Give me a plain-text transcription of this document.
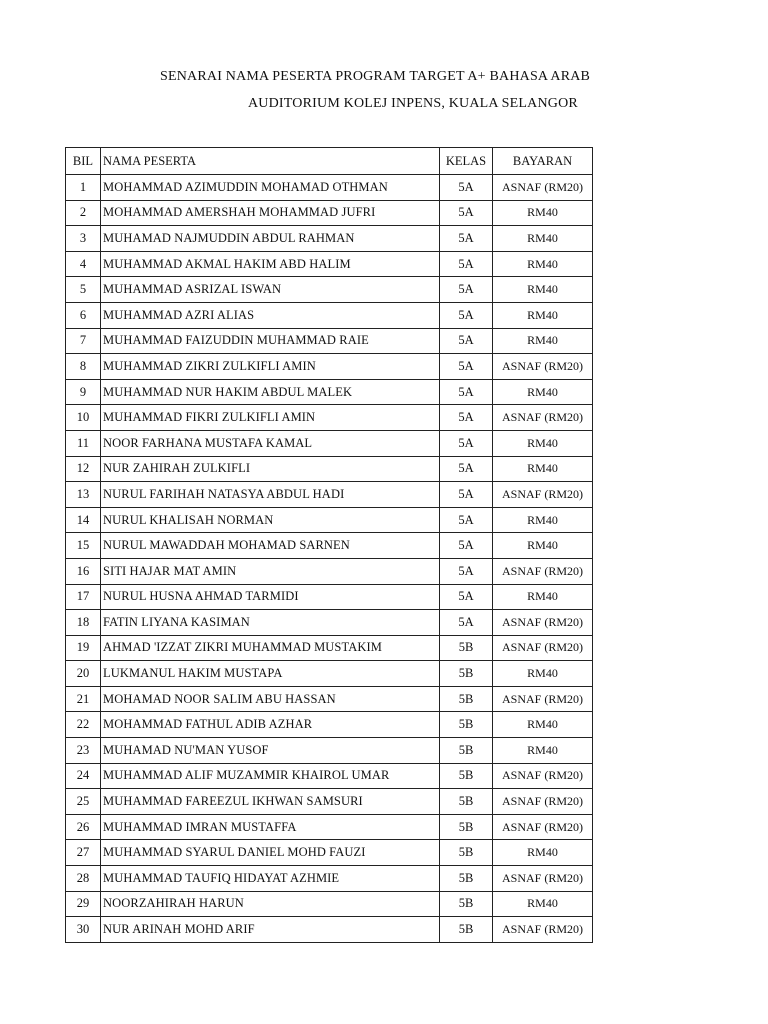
SENARAI NAMA PESERTA PROGRAM TARGET A+ BAHASA ARAB
AUDITORIUM KOLEJ INPENS, KUALA SELANGOR
BIL	NAMA PESERTA	KELAS	BAYARAN
1	MOHAMMAD AZIMUDDIN MOHAMAD OTHMAN	5A	ASNAF (RM20)
2	MOHAMMAD AMERSHAH MOHAMMAD JUFRI	5A	RM40
3	MUHAMAD NAJMUDDIN ABDUL RAHMAN	5A	RM40
4	MUHAMMAD AKMAL HAKIM ABD HALIM	5A	RM40
5	MUHAMMAD ASRIZAL ISWAN	5A	RM40
6	MUHAMMAD AZRI ALIAS	5A	RM40
7	MUHAMMAD FAIZUDDIN MUHAMMAD RAIE	5A	RM40
8	MUHAMMAD ZIKRI ZULKIFLI AMIN	5A	ASNAF (RM20)
9	MUHAMMAD NUR HAKIM ABDUL MALEK	5A	RM40
10	MUHAMMAD FIKRI ZULKIFLI AMIN	5A	ASNAF (RM20)
11	NOOR FARHANA MUSTAFA KAMAL	5A	RM40
12	NUR ZAHIRAH ZULKIFLI	5A	RM40
13	NURUL FARIHAH NATASYA ABDUL HADI	5A	ASNAF (RM20)
14	NURUL KHALISAH NORMAN	5A	RM40
15	NURUL MAWADDAH MOHAMAD SARNEN	5A	RM40
16	SITI HAJAR MAT AMIN	5A	ASNAF (RM20)
17	NURUL HUSNA AHMAD TARMIDI	5A	RM40
18	FATIN LIYANA KASIMAN	5A	ASNAF (RM20)
19	AHMAD 'IZZAT ZIKRI MUHAMMAD MUSTAKIM	5B	ASNAF (RM20)
20	LUKMANUL HAKIM MUSTAPA	5B	RM40
21	MOHAMAD NOOR SALIM ABU HASSAN	5B	ASNAF (RM20)
22	MOHAMMAD FATHUL ADIB AZHAR	5B	RM40
23	MUHAMAD NU'MAN YUSOF	5B	RM40
24	MUHAMMAD ALIF MUZAMMIR KHAIROL UMAR	5B	ASNAF (RM20)
25	MUHAMMAD FAREEZUL IKHWAN SAMSURI	5B	ASNAF (RM20)
26	MUHAMMAD IMRAN MUSTAFFA	5B	ASNAF (RM20)
27	MUHAMMAD SYARUL DANIEL MOHD FAUZI	5B	RM40
28	MUHAMMAD TAUFIQ HIDAYAT AZHMIE	5B	ASNAF (RM20)
29	NOORZAHIRAH HARUN	5B	RM40
30	NUR ARINAH MOHD ARIF	5B	ASNAF (RM20)
